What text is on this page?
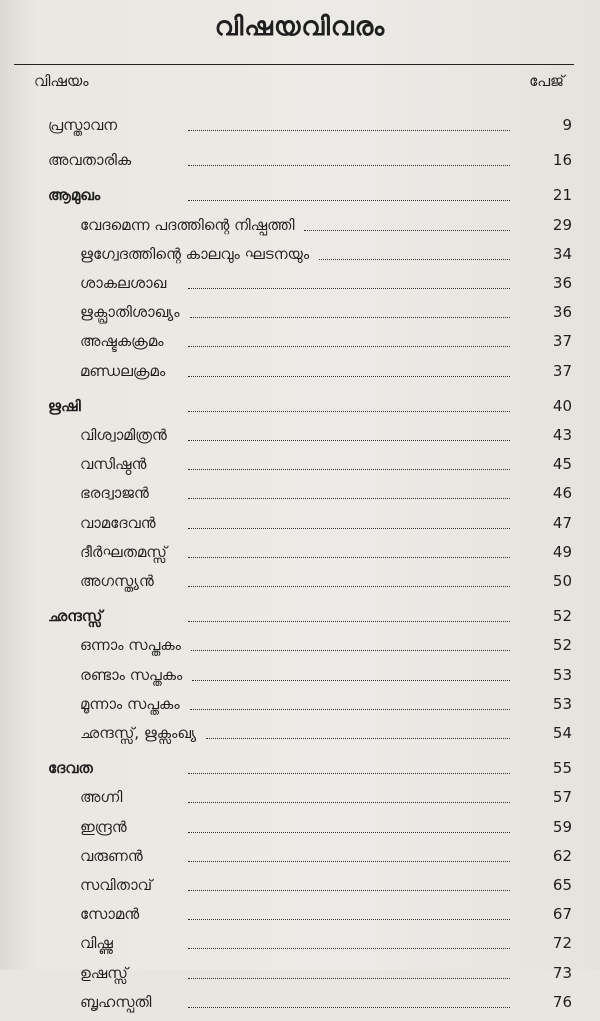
വിഷയവിവരം
വിഷയം	പേജ്
പ്രസ്താവന	9
അവതാരിക	16
ആമുഖം	21
വേദമെന്ന പദത്തിന്റെ നിഷ്പത്തി	29
ഋഗ്വേദത്തിന്റെ കാലവും ഘടനയും	34
ശാകലശാഖ	36
ഋക്പ്രാതിശാഖ്യം	36
അഷ്ടകക്രമം	37
മണ്ഡലക്രമം	37
ഋഷി	40
വിശ്വാമിത്രൻ	43
വസിഷ്ഠൻ	45
ഭരദ്വാജൻ	46
വാമദേവൻ	47
ദീർഘതമസ്സ്	49
അഗസ്ത്യൻ	50
ഛന്ദസ്സ്	52
ഒന്നാം സപ്തകം	52
രണ്ടാം സപ്തകം	53
മൂന്നാം സപ്തകം	53
ഛന്ദസ്സ്, ഋക്സംഖ്യ	54
ദേവത	55
അഗ്നി	57
ഇന്ദ്രൻ	59
വരുണൻ	62
സവിതാവ്	65
സോമൻ	67
വിഷ്ണു	72
ഉഷസ്സ്	73
ബൃഹസ്പതി	76
